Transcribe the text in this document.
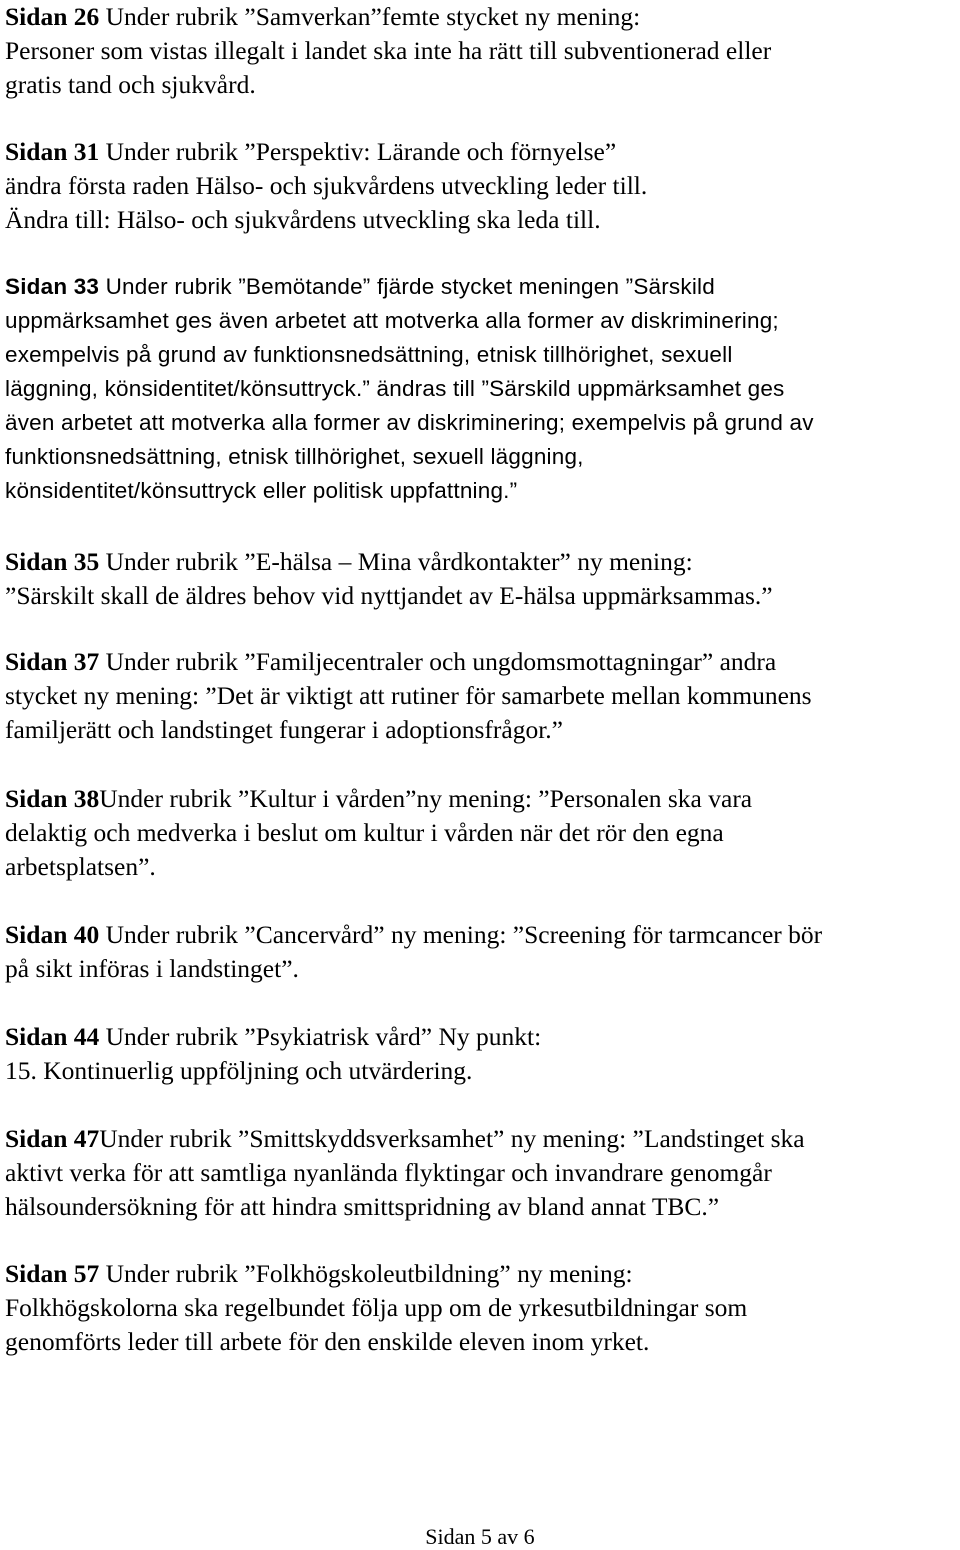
Sidan 26 Under rubrik ”Samverkan”femte stycket ny mening:
Personer som vistas illegalt i landet ska inte ha rätt till subventionerad eller
gratis tand och sjukvård.
Sidan 31 Under rubrik ”Perspektiv: Lärande och förnyelse”
ändra första raden Hälso- och sjukvårdens utveckling leder till.
Ändra till: Hälso- och sjukvårdens utveckling ska leda till.
Sidan 33 Under rubrik ”Bemötande” fjärde stycket meningen ”Särskild
uppmärksamhet ges även arbetet att motverka alla former av diskriminering;
exempelvis på grund av funktionsnedsättning, etnisk tillhörighet, sexuell
läggning, könsidentitet/könsuttryck.” ändras till ”Särskild uppmärksamhet ges
även arbetet att motverka alla former av diskriminering; exempelvis på grund av
funktionsnedsättning, etnisk tillhörighet, sexuell läggning,
könsidentitet/könsuttryck eller politisk uppfattning.”
Sidan 35 Under rubrik ”E-hälsa – Mina vårdkontakter” ny mening:
”Särskilt skall de äldres behov vid nyttjandet av E-hälsa uppmärksammas.”
Sidan 37 Under rubrik ”Familjecentraler och ungdomsmottagningar” andra
stycket ny mening: ”Det är viktigt att rutiner för samarbete mellan kommunens
familjerätt och landstinget fungerar i adoptionsfrågor.”
Sidan 38Under rubrik ”Kultur i vården”ny mening: ”Personalen ska vara
delaktig och medverka i beslut om kultur i vården när det rör den egna
arbetsplatsen”.
Sidan 40 Under rubrik ”Cancervård” ny mening: ”Screening för tarmcancer bör
på sikt införas i landstinget”.
Sidan 44 Under rubrik ”Psykiatrisk vård” Ny punkt:
15. Kontinuerlig uppföljning och utvärdering.
Sidan 47Under rubrik ”Smittskyddsverksamhet” ny mening: ”Landstinget ska
aktivt verka för att samtliga nyanlända flyktingar och invandrare genomgår
hälsoundersökning för att hindra smittspridning av bland annat TBC.”
Sidan 57 Under rubrik ”Folkhögskoleutbildning” ny mening:
Folkhögskolorna ska regelbundet följa upp om de yrkesutbildningar som
genomförts leder till arbete för den enskilde eleven inom yrket.
Sidan 5 av 6
